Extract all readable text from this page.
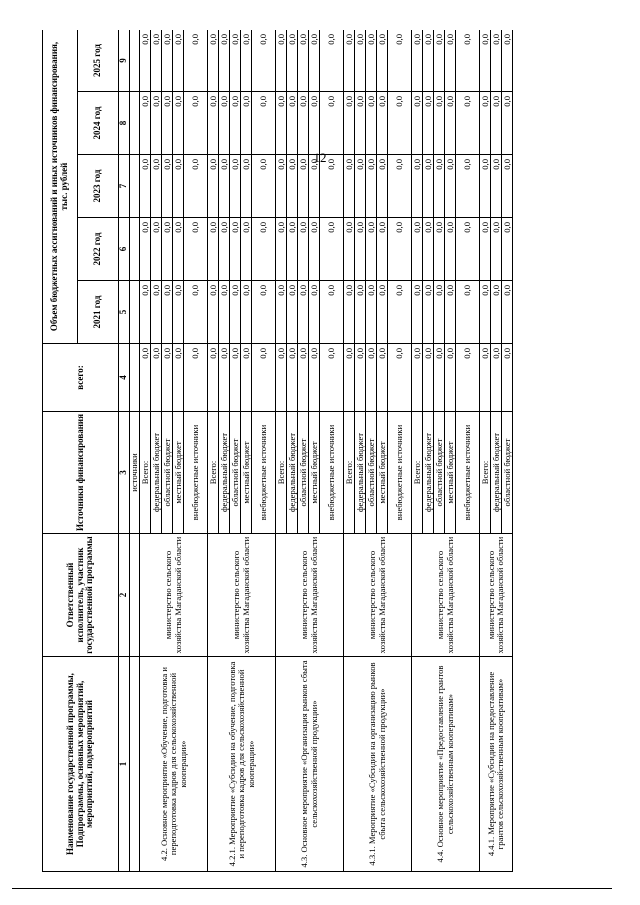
12
Наименование государственной программы, Подпрограммы, основных мероприятий, мероприятий, подмероприятий	Ответственный исполнитель, участник государственной программы	Источники финансирования	всего:	Объем бюджетных ассигнований и иных источников финансирования, тыс. рублей				
				2021 год	2022 год	2023 год	2024 год	2025 год
1	2	3	4	5	6	7	8	9
		источники						
4.2. Основное мероприятие «Обучение, подготовка и переподготовка кадров для сельскохозяйственной кооперации»	министерство сельского хозяйства Магаданской области	Всего:	0,0	0,0	0,0	0,0	0,0	0,0
		федеральный бюджет	0,0	0,0	0,0	0,0	0,0	0,0
		областной бюджет	0,0	0,0	0,0	0,0	0,0	0,0
		местный бюджет	0,0	0,0	0,0	0,0	0,0	0,0
		внебюджетные источники	0,0	0,0	0,0	0,0	0,0	0,0
4.2.1. Мероприятие «Субсидии на обучение, подготовка и переподготовка кадров для сельскохозяйственной кооперации»	министерство сельского хозяйства Магаданской области	Всего:	0,0	0,0	0,0	0,0	0,0	0,0
		федеральный бюджет	0,0	0,0	0,0	0,0	0,0	0,0
		областной бюджет	0,0	0,0	0,0	0,0	0,0	0,0
		местный бюджет	0,0	0,0	0,0	0,0	0,0	0,0
		внебюджетные источники	0,0	0,0	0,0	0,0	0,0	0,0
4.3. Основное мероприятие «Организация рынков сбыта сельскохозяйственной продукции»	министерство сельского хозяйства Магаданской области	Всего:	0,0	0,0	0,0	0,0	0,0	0,0
		федеральный бюджет	0,0	0,0	0,0	0,0	0,0	0,0
		областной бюджет	0,0	0,0	0,0	0,0	0,0	0,0
		местный бюджет	0,0	0,0	0,0	0,0	0,0	0,0
		внебюджетные источники	0,0	0,0	0,0	0,0	0,0	0,0
4.3.1. Мероприятие «Субсидии на организацию рынков сбыта сельскохозяйственной продукции»	министерство сельского хозяйства Магаданской области	Всего:	0,0	0,0	0,0	0,0	0,0	0,0
		федеральный бюджет	0,0	0,0	0,0	0,0	0,0	0,0
		областной бюджет	0,0	0,0	0,0	0,0	0,0	0,0
		местный бюджет	0,0	0,0	0,0	0,0	0,0	0,0
		внебюджетные источники	0,0	0,0	0,0	0,0	0,0	0,0
4.4. Основное мероприятие «Предоставление грантов сельскохозяйственным кооперативам»	министерство сельского хозяйства Магаданской области	Всего:	0,0	0,0	0,0	0,0	0,0	0,0
		федеральный бюджет	0,0	0,0	0,0	0,0	0,0	0,0
		областной бюджет	0,0	0,0	0,0	0,0	0,0	0,0
		местный бюджет	0,0	0,0	0,0	0,0	0,0	0,0
		внебюджетные источники	0,0	0,0	0,0	0,0	0,0	0,0
4.4.1. Мероприятие «Субсидии на предоставление грантов сельскохозяйственным кооперативам»	министерство сельского хозяйства Магаданской области	Всего:	0,0	0,0	0,0	0,0	0,0	0,0
		федеральный бюджет	0,0	0,0	0,0	0,0	0,0	0,0
		областной бюджет	0,0	0,0	0,0	0,0	0,0	0,0
